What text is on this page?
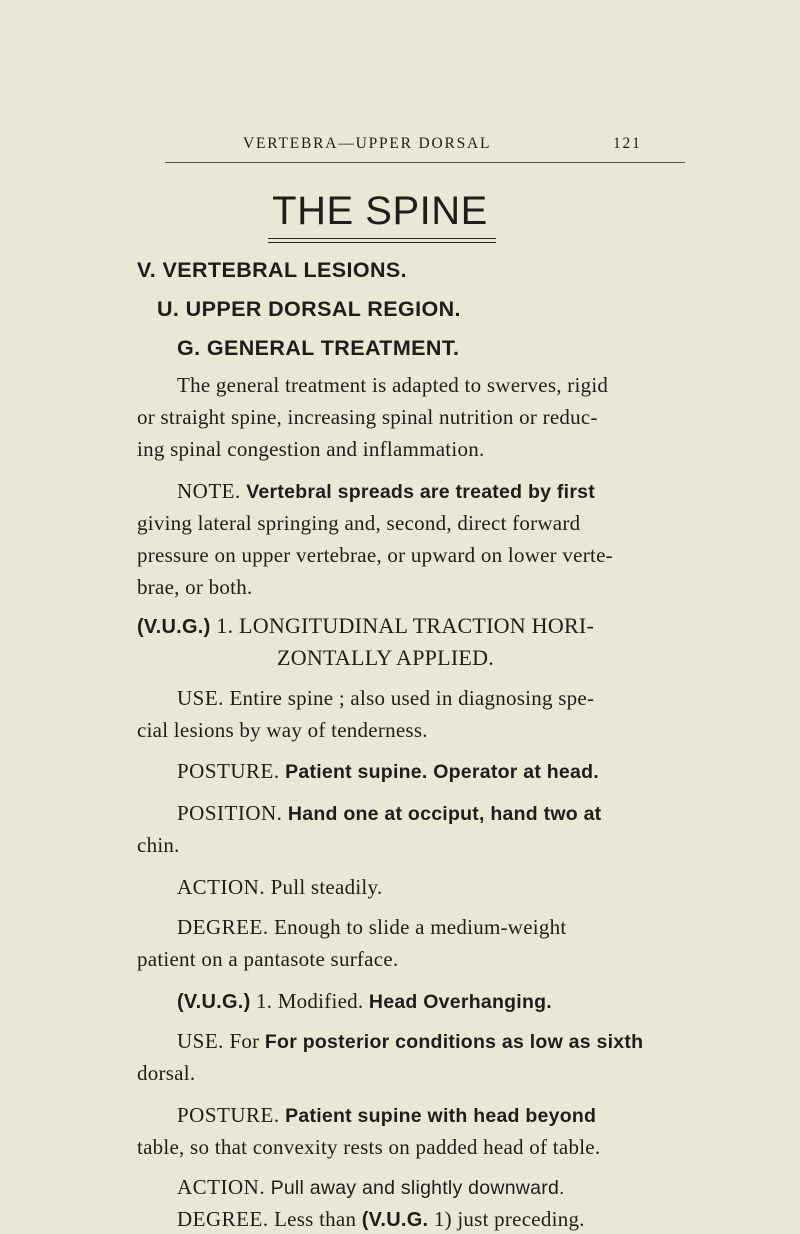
VERTEBRA—UPPER DORSAL	121
THE SPINE
V. VERTEBRAL LESIONS.
U. UPPER DORSAL REGION.
G. GENERAL TREATMENT.
The general treatment is adapted to swerves, rigid
or straight spine, increasing spinal nutrition or reduc-
ing spinal congestion and inflammation.
NOTE. Vertebral spreads are treated by first
giving lateral springing and, second, direct forward
pressure on upper vertebrae, or upward on lower verte-
brae, or both.
(V.U.G.) 1. LONGITUDINAL TRACTION HORI-
ZONTALLY APPLIED.
USE. Entire spine ; also used in diagnosing spe-
cial lesions by way of tenderness.
POSTURE. Patient supine. Operator at head.
POSITION. Hand one at occiput, hand two at
chin.
ACTION. Pull steadily.
DEGREE. Enough to slide a medium-weight
patient on a pantasote surface.
(V.U.G.) 1. Modified. Head Overhanging.
USE. For For posterior conditions as low as sixth
dorsal.
POSTURE. Patient supine with head beyond
table, so that convexity rests on padded head of table.
ACTION. Pull away and slightly downward.
DEGREE. Less than (V.U.G. 1) just preceding.
